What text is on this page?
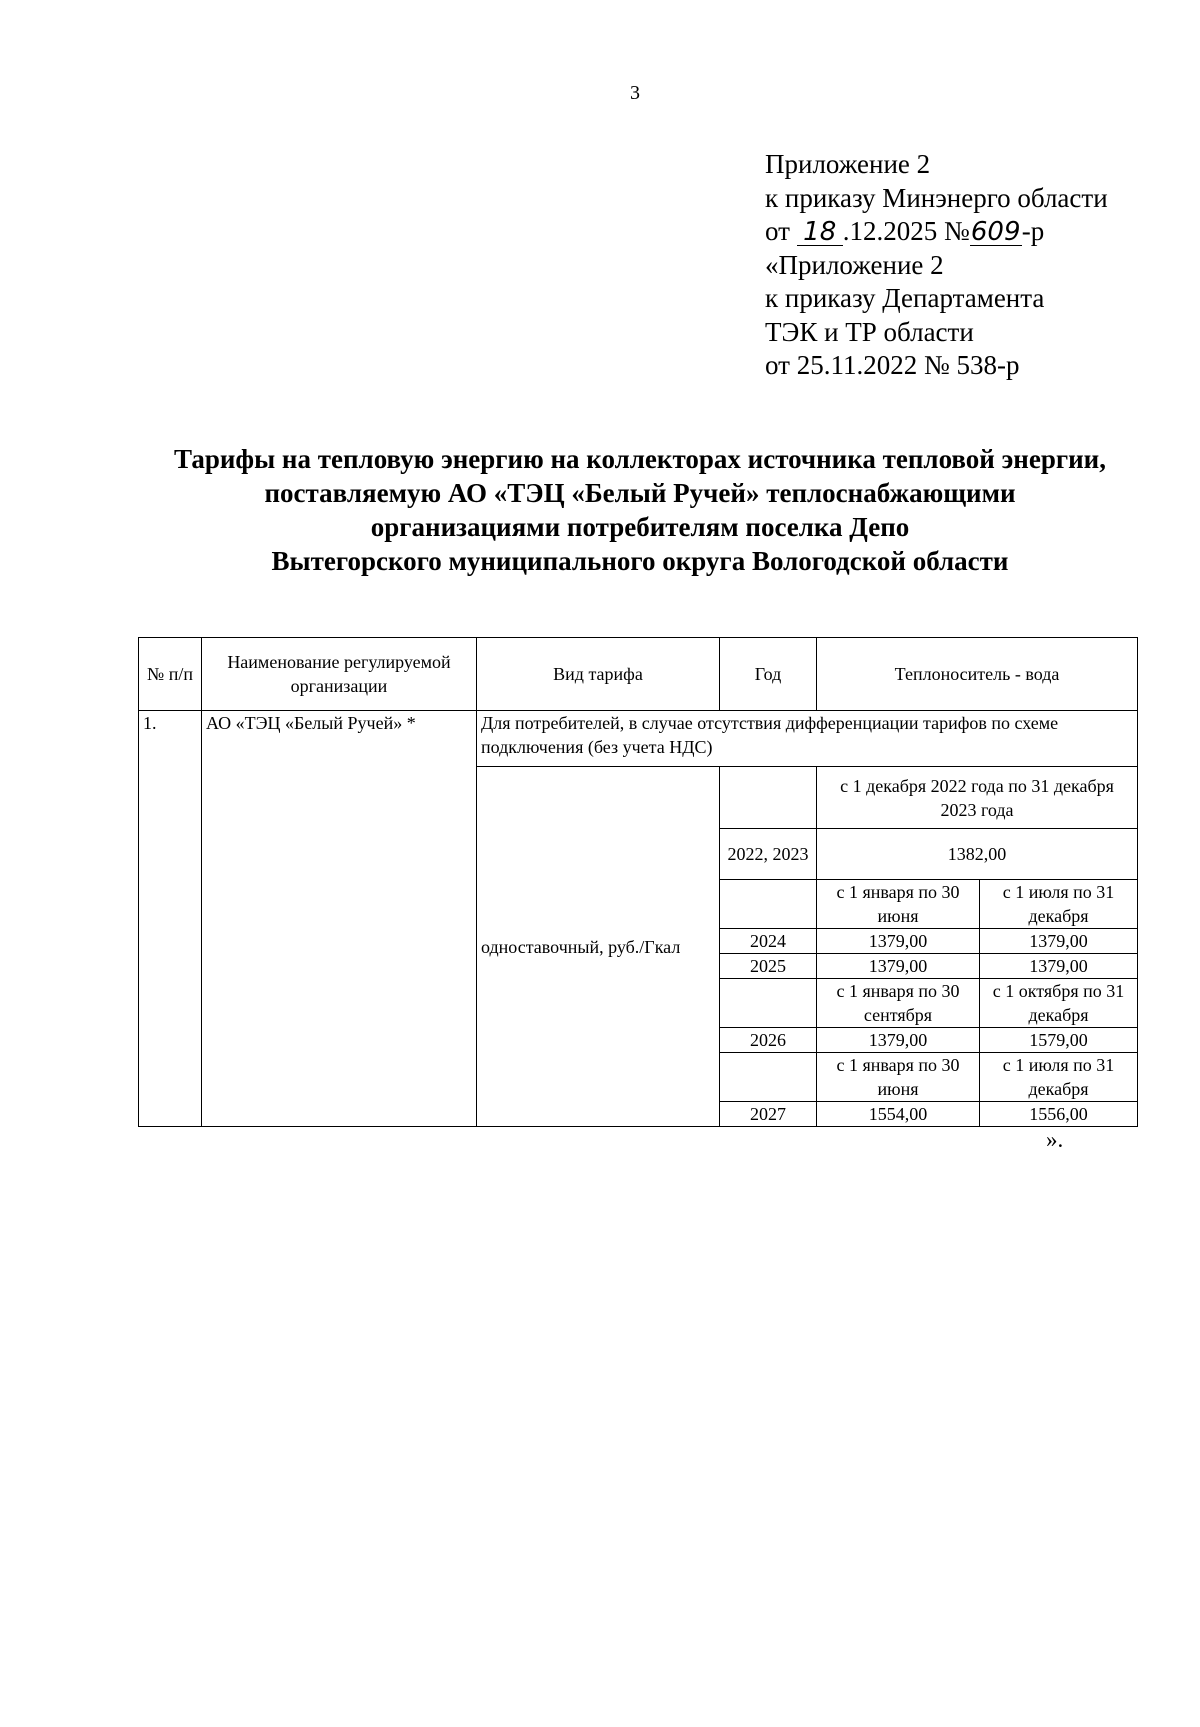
3
Приложение 2
к приказу Минэнерго области
от 18 .12.2025 №609-р
«Приложение 2
к приказу Департамента
ТЭК и ТР области
от 25.11.2022 № 538-р
Тарифы на тепловую энергию на коллекторах источника тепловой энергии,
поставляемую АО «ТЭЦ «Белый Ручей» теплоснабжающими
организациями потребителям поселка Депо
Вытегорского муниципального округа Вологодской области
№ п/п	Наименование регулируемой организации	Вид тарифа	Год	Теплоноситель - вода	
1.	АО «ТЭЦ «Белый Ручей» *	Для потребителей, в случае отсутствия дифференциации тарифов по схеме подключения (без учета НДС)			
		одноставочный, руб./Гкал		с 1 декабря 2022 года по 31 декабря 2023 года	
			2022, 2023	1382,00	
				с 1 января по 30 июня	с 1 июля по 31 декабря
			2024	1379,00	1379,00
			2025	1379,00	1379,00
				с 1 января по 30 сентября	с 1 октября по 31 декабря
			2026	1379,00	1579,00
				с 1 января по 30 июня	с 1 июля по 31 декабря
			2027	1554,00	1556,00
».
